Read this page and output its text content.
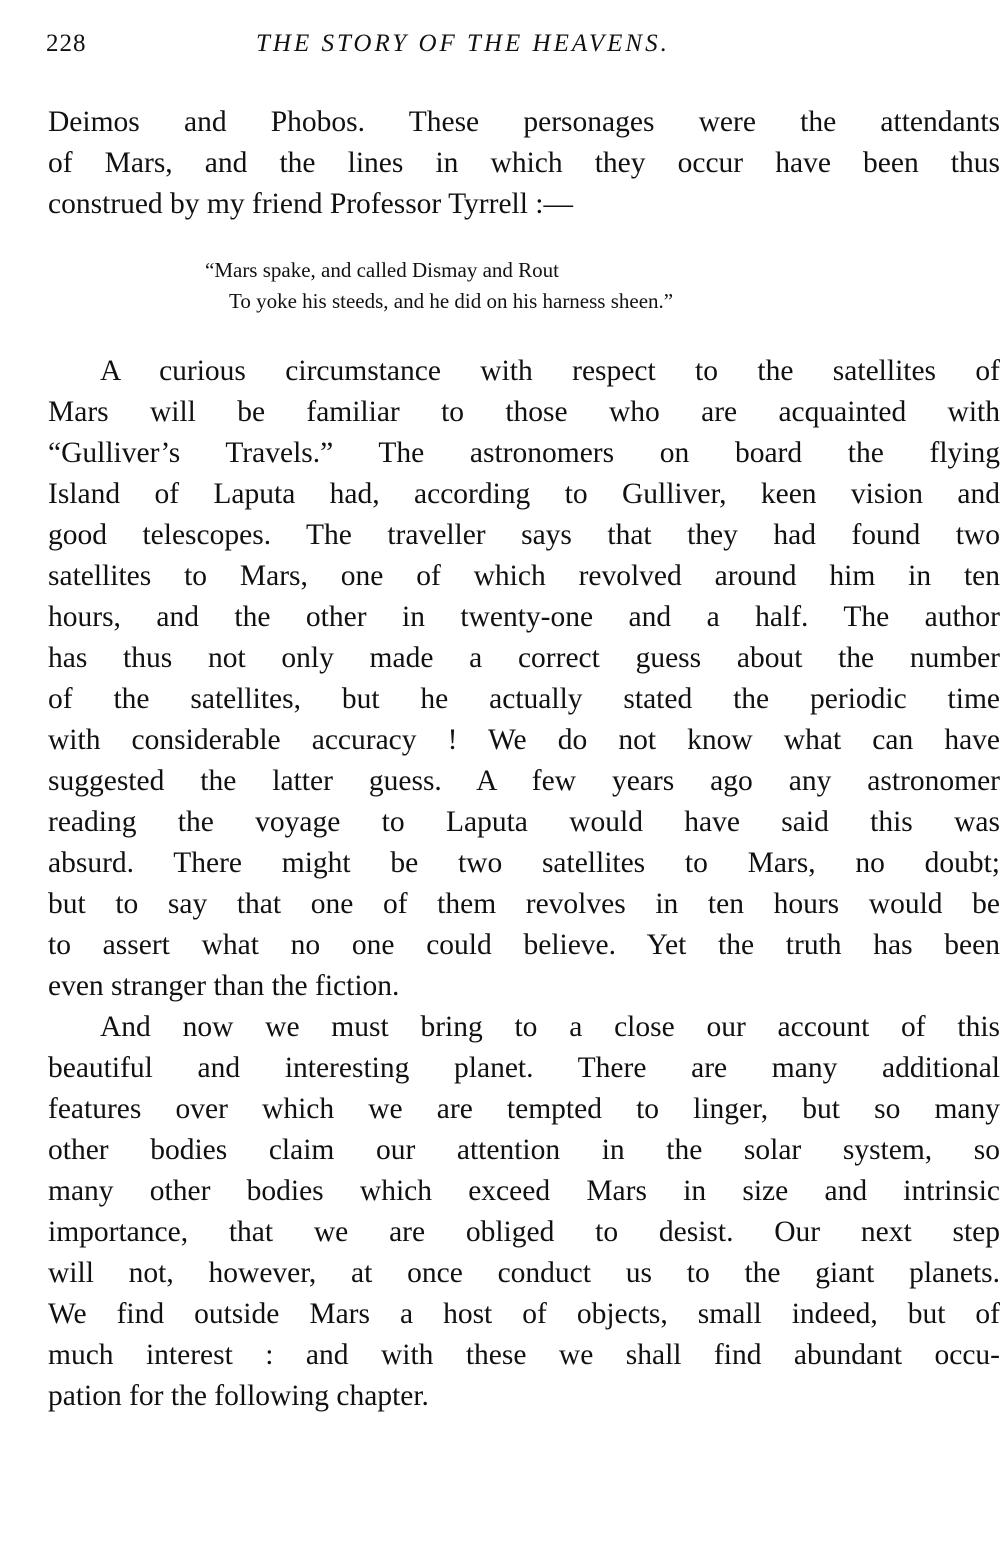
228	THE STORY OF THE HEAVENS.
Deimos and Phobos. These personages were the attendants
of Mars, and the lines in which they occur have been thus
construed by my friend Professor Tyrrell :—
“Mars spake, and called Dismay and Rout
To yoke his steeds, and he did on his harness sheen.”
A curious circumstance with respect to the satellites of
Mars will be familiar to those who are acquainted with
“Gulliver’s Travels.” The astronomers on board the flying
Island of Laputa had, according to Gulliver, keen vision and
good telescopes. The traveller says that they had found two
satellites to Mars, one of which revolved around him in ten
hours, and the other in twenty-one and a half. The author
has thus not only made a correct guess about the number
of the satellites, but he actually stated the periodic time
with considerable accuracy ! We do not know what can have
suggested the latter guess. A few years ago any astronomer
reading the voyage to Laputa would have said this was
absurd. There might be two satellites to Mars, no doubt;
but to say that one of them revolves in ten hours would be
to assert what no one could believe. Yet the truth has been
even stranger than the fiction.
And now we must bring to a close our account of this
beautiful and interesting planet. There are many additional
features over which we are tempted to linger, but so many
other bodies claim our attention in the solar system, so
many other bodies which exceed Mars in size and intrinsic
importance, that we are obliged to desist. Our next step
will not, however, at once conduct us to the giant planets.
We find outside Mars a host of objects, small indeed, but of
much interest : and with these we shall find abundant occu-
pation for the following chapter.
